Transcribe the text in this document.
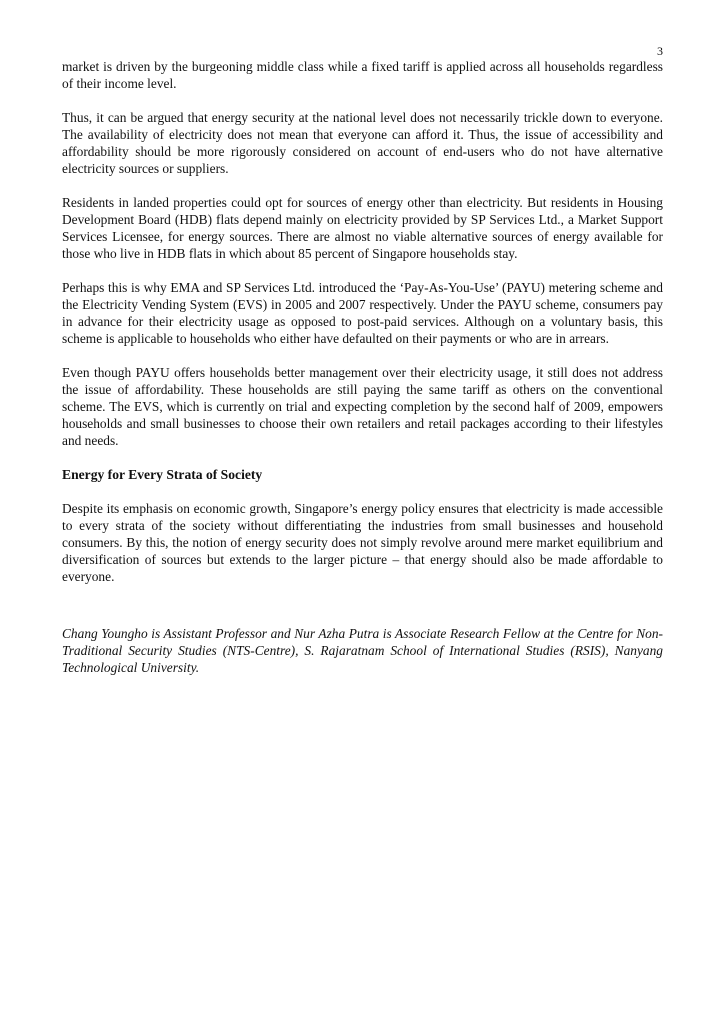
3

market is driven by the burgeoning middle class while a fixed tariff is applied across all households regardless of their income level.

Thus, it can be argued that energy security at the national level does not necessarily trickle down to everyone. The availability of electricity does not mean that everyone can afford it. Thus, the issue of accessibility and affordability should be more rigorously considered on account of end-users who do not have alternative electricity sources or suppliers.

Residents in landed properties could opt for sources of energy other than electricity. But residents in Housing Development Board (HDB) flats depend mainly on electricity provided by SP Services Ltd., a Market Support Services Licensee, for energy sources. There are almost no viable alternative sources of energy available for those who live in HDB flats in which about 85 percent of Singapore households stay.

Perhaps this is why EMA and SP Services Ltd. introduced the ‘Pay-As-You-Use’ (PAYU) metering scheme and the Electricity Vending System (EVS) in 2005 and 2007 respectively. Under the PAYU scheme, consumers pay in advance for their electricity usage as opposed to post-paid services. Although on a voluntary basis, this scheme is applicable to households who either have defaulted on their payments or who are in arrears.

Even though PAYU offers households better management over their electricity usage, it still does not address the issue of affordability. These households are still paying the same tariff as others on the conventional scheme. The EVS, which is currently on trial and expecting completion by the second half of 2009, empowers households and small businesses to choose their own retailers and retail packages according to their lifestyles and needs.

Energy for Every Strata of Society

Despite its emphasis on economic growth, Singapore’s energy policy ensures that electricity is made accessible to every strata of the society without differentiating the industries from small businesses and household consumers. By this, the notion of energy security does not simply revolve around mere market equilibrium and diversification of sources but extends to the larger picture – that energy should also be made affordable to everyone.

Chang Youngho is Assistant Professor and Nur Azha Putra is Associate Research Fellow at the Centre for Non-Traditional Security Studies (NTS-Centre), S. Rajaratnam School of International Studies (RSIS), Nanyang Technological University.
